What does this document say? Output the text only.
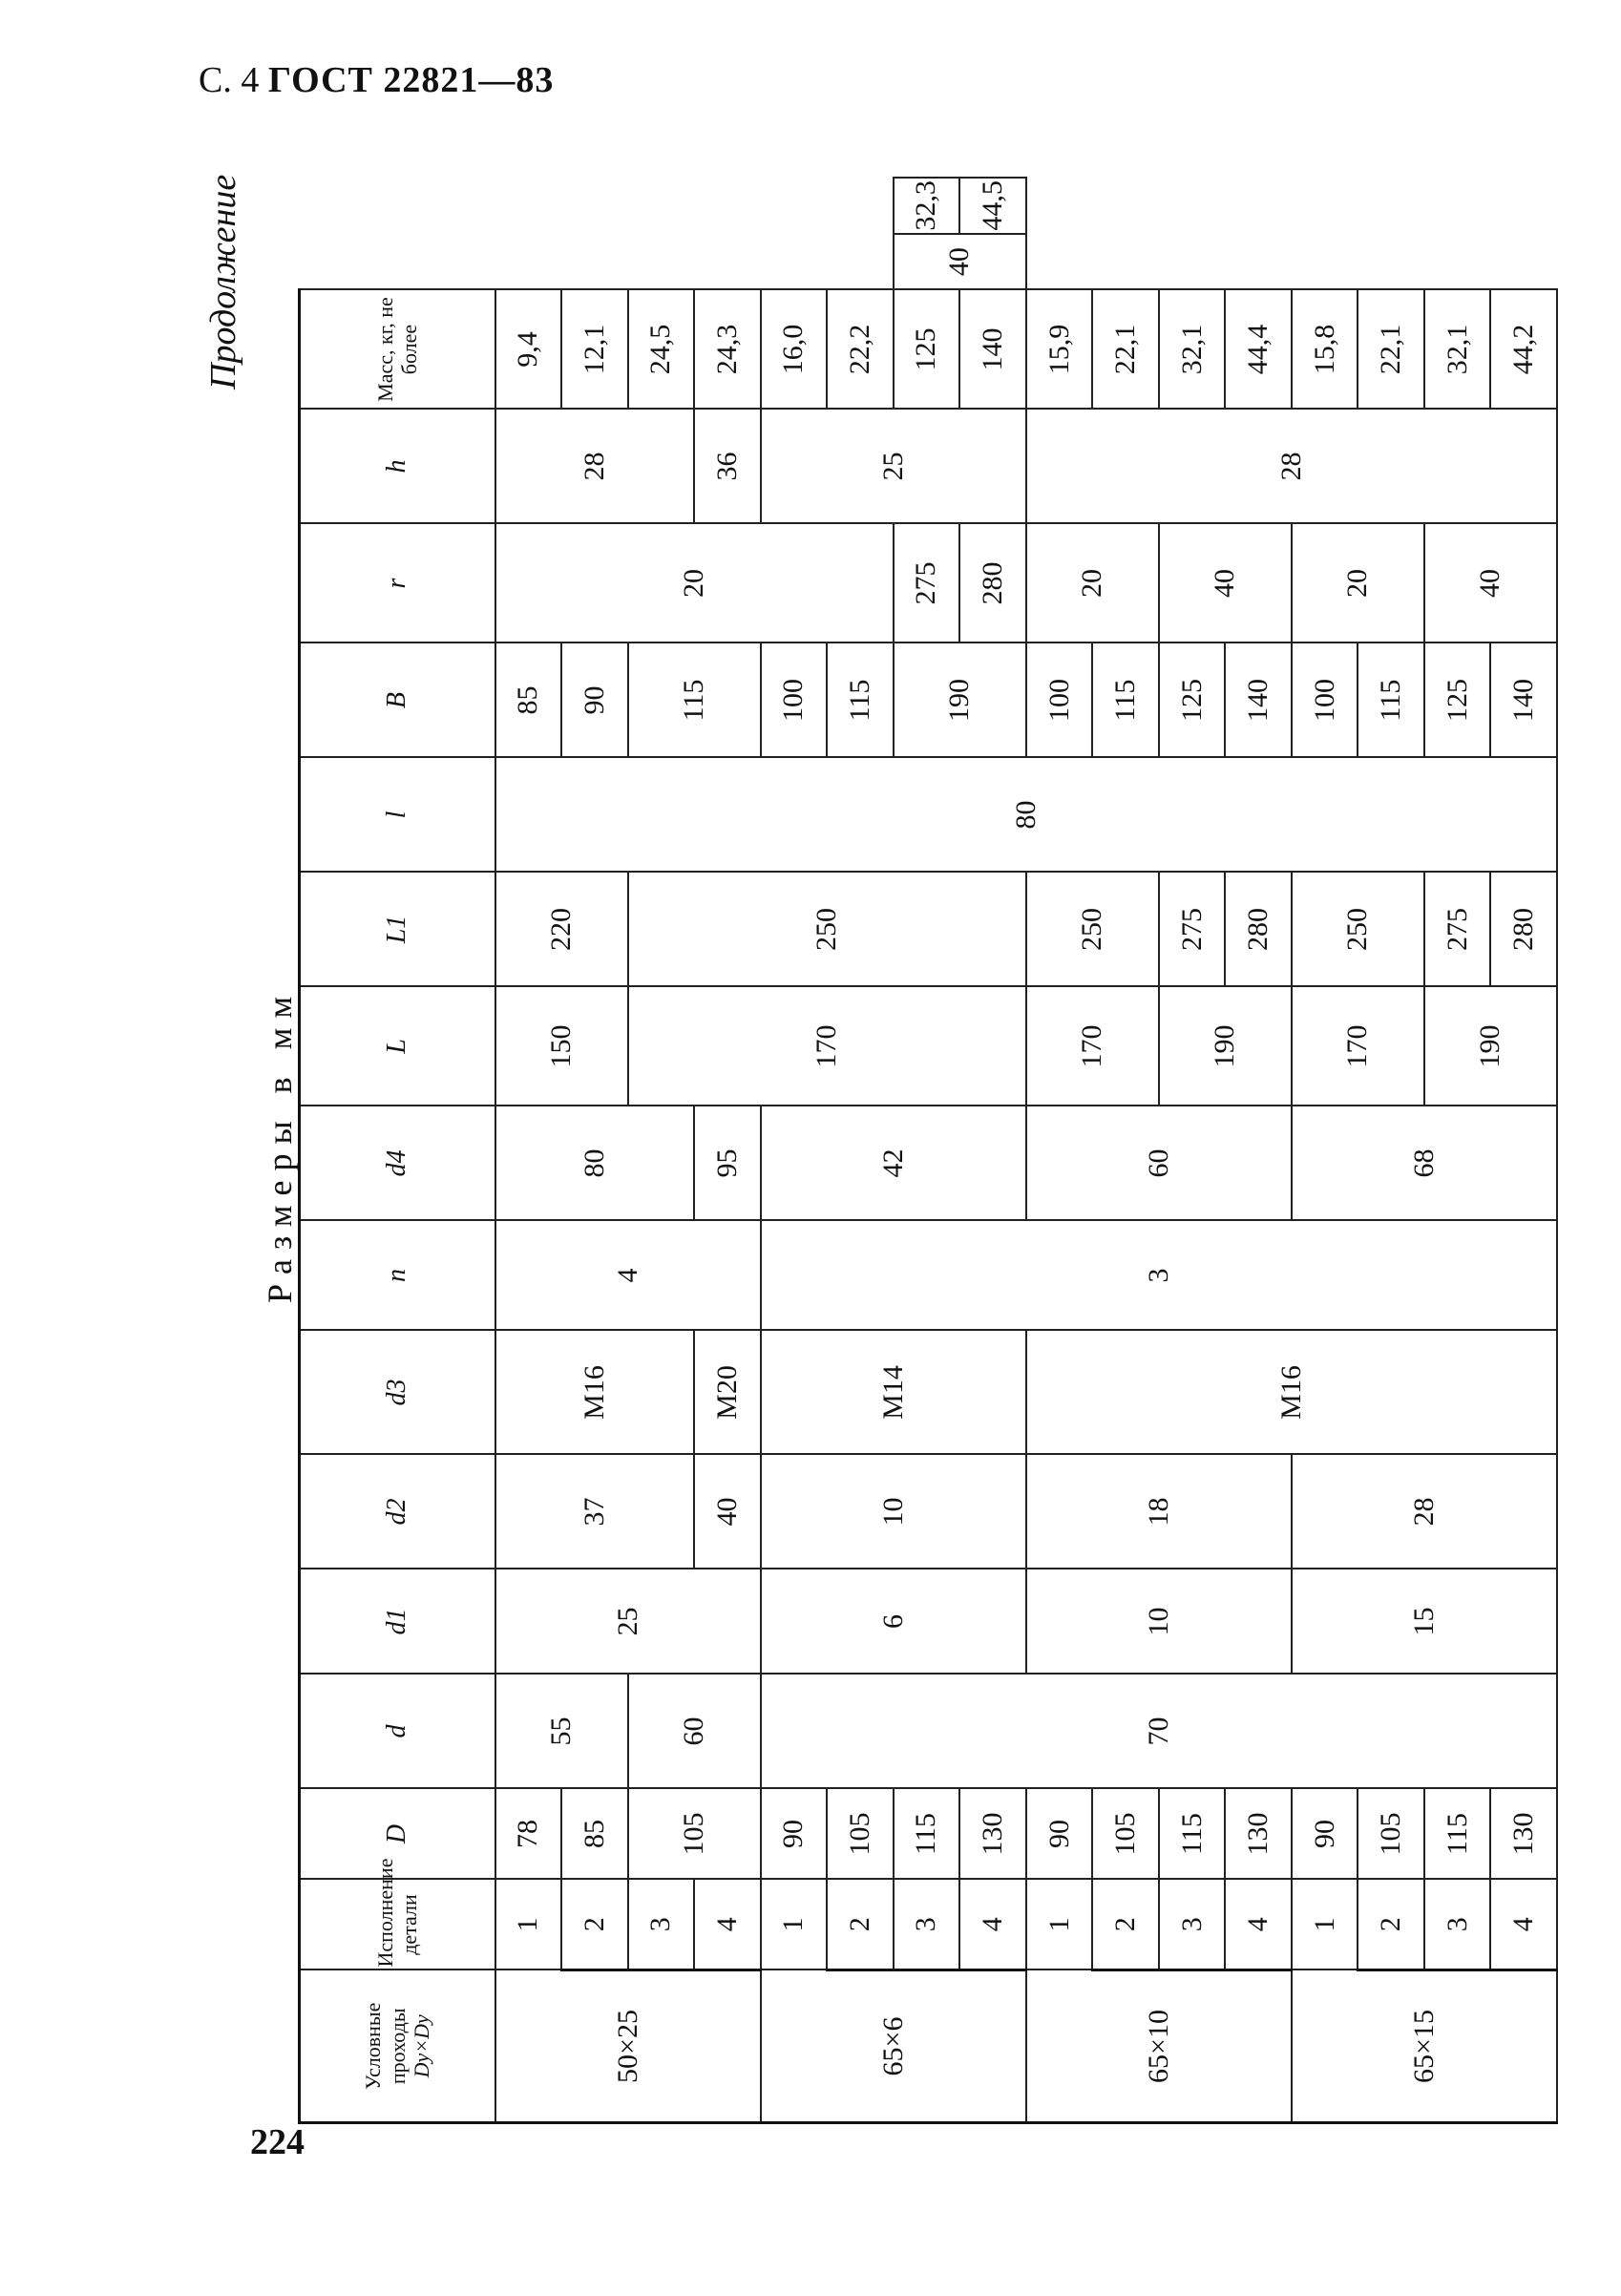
С. 4 ГОСТ 22821—83
Продолжение
Размеры в мм
Условные проходы
Dy×Dy	Исполнение детали	D	d	d1	d2	d3	n	d4	L	L1	l	B	r	h	Масс, кг, не более		
50×25	1	78	55	25	37	M16	4	80	150	220	80	85	20	28	9,4		
	2	85										90			12,1		
	3	105	60						170	250		115			24,5		
	4				40	M20		95						36	24,3		
65×6	1	90	70	6	10	M14	3	42				100		25	16,0		
	2	105										115			22,2		
	3	115										190	275		125	40	32,3
	4	130											280		140		44,5
65×10	1	90		10	18	M16		60	170	250		100	20	28	15,9		
	2	105										115			22,1		
	3	115							190	275		125	40		32,1		
	4	130								280		140			44,4		
65×15	1	90		15	28			68	170	250		100	20		15,8		
	2	105										115			22,1		
	3	115							190	275		125	40		32,1		
	4	130								280		140			44,2		
224
